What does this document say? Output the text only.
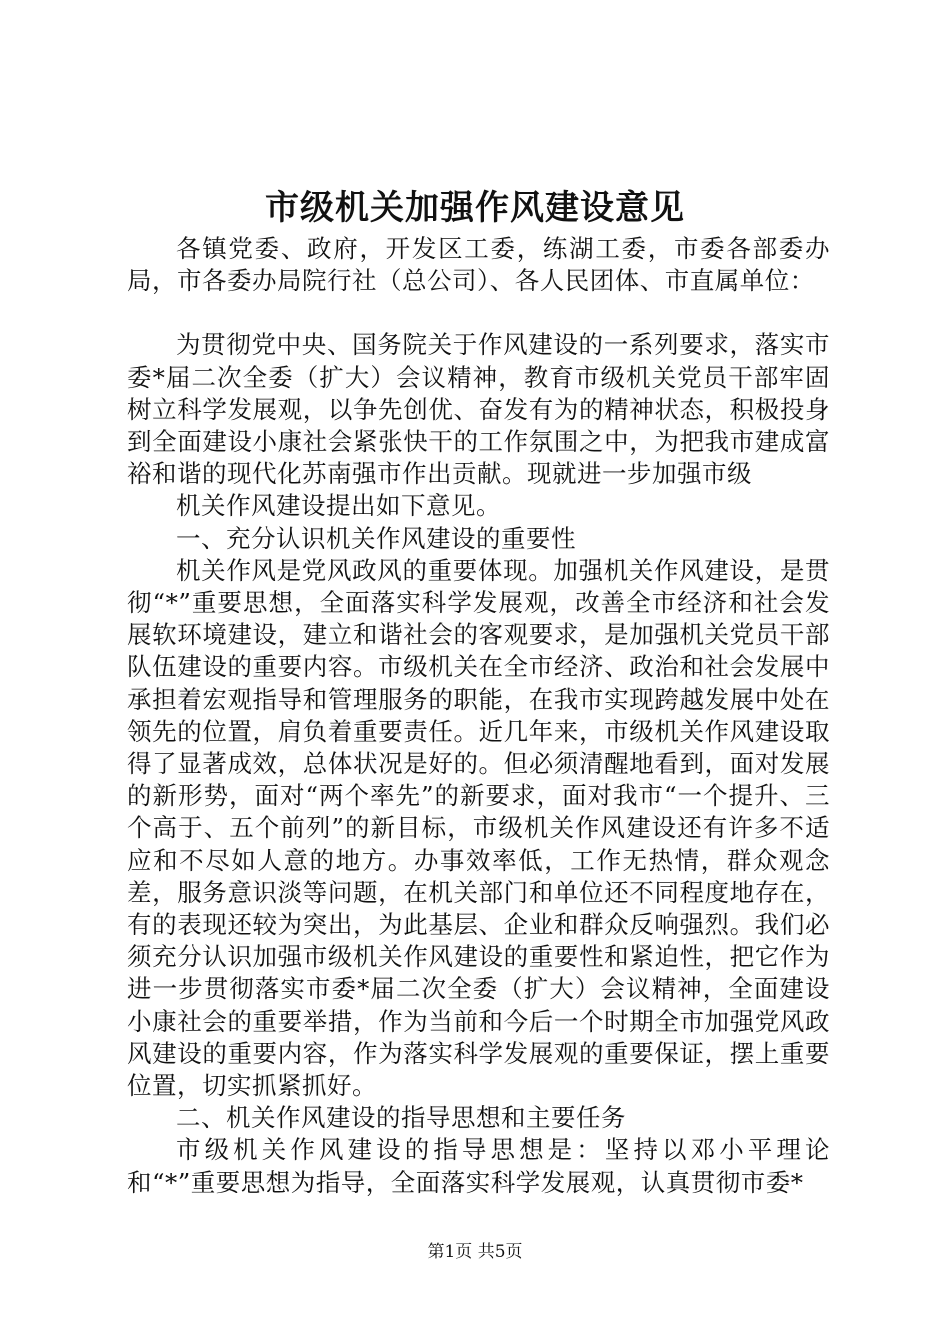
市级机关加强作风建设意见

各镇党委、政府，开发区工委，练湖工委，市委各部委办局，市各委办局院行社（总公司）、各人民团体、市直属单位：

为贯彻党中央、国务院关于作风建设的一系列要求，落实市委*届二次全委（扩大）会议精神，教育市级机关党员干部牢固树立科学发展观，以争先创优、奋发有为的精神状态，积极投身到全面建设小康社会紧张快干的工作氛围之中，为把我市建成富裕和谐的现代化苏南强市作出贡献。现就进一步加强市级

机关作风建设提出如下意见。

一、充分认识机关作风建设的重要性

机关作风是党风政风的重要体现。加强机关作风建设，是贯彻“*”重要思想，全面落实科学发展观，改善全市经济和社会发展软环境建设，建立和谐社会的客观要求，是加强机关党员干部队伍建设的重要内容。市级机关在全市经济、政治和社会发展中承担着宏观指导和管理服务的职能，在我市实现跨越发展中处在领先的位置，肩负着重要责任。近几年来，市级机关作风建设取得了显著成效，总体状况是好的。但必须清醒地看到，面对发展的新形势，面对“两个率先”的新要求，面对我市“一个提升、三个高于、五个前列”的新目标，市级机关作风建设还有许多不适应和不尽如人意的地方。办事效率低，工作无热情，群众观念差，服务意识淡等问题，在机关部门和单位还不同程度地存在，有的表现还较为突出，为此基层、企业和群众反响强烈。我们必须充分认识加强市级机关作风建设的重要性和紧迫性，把它作为进一步贯彻落实市委*届二次全委（扩大）会议精神，全面建设小康社会的重要举措，作为当前和今后一个时期全市加强党风政风建设的重要内容，作为落实科学发展观的重要保证，摆上重要位置，切实抓紧抓好。

二、机关作风建设的指导思想和主要任务

市级机关作风建设的指导思想是：坚持以邓小平理论和“*”重要思想为指导，全面落实科学发展观，认真贯彻市委*

第1页 共5页
